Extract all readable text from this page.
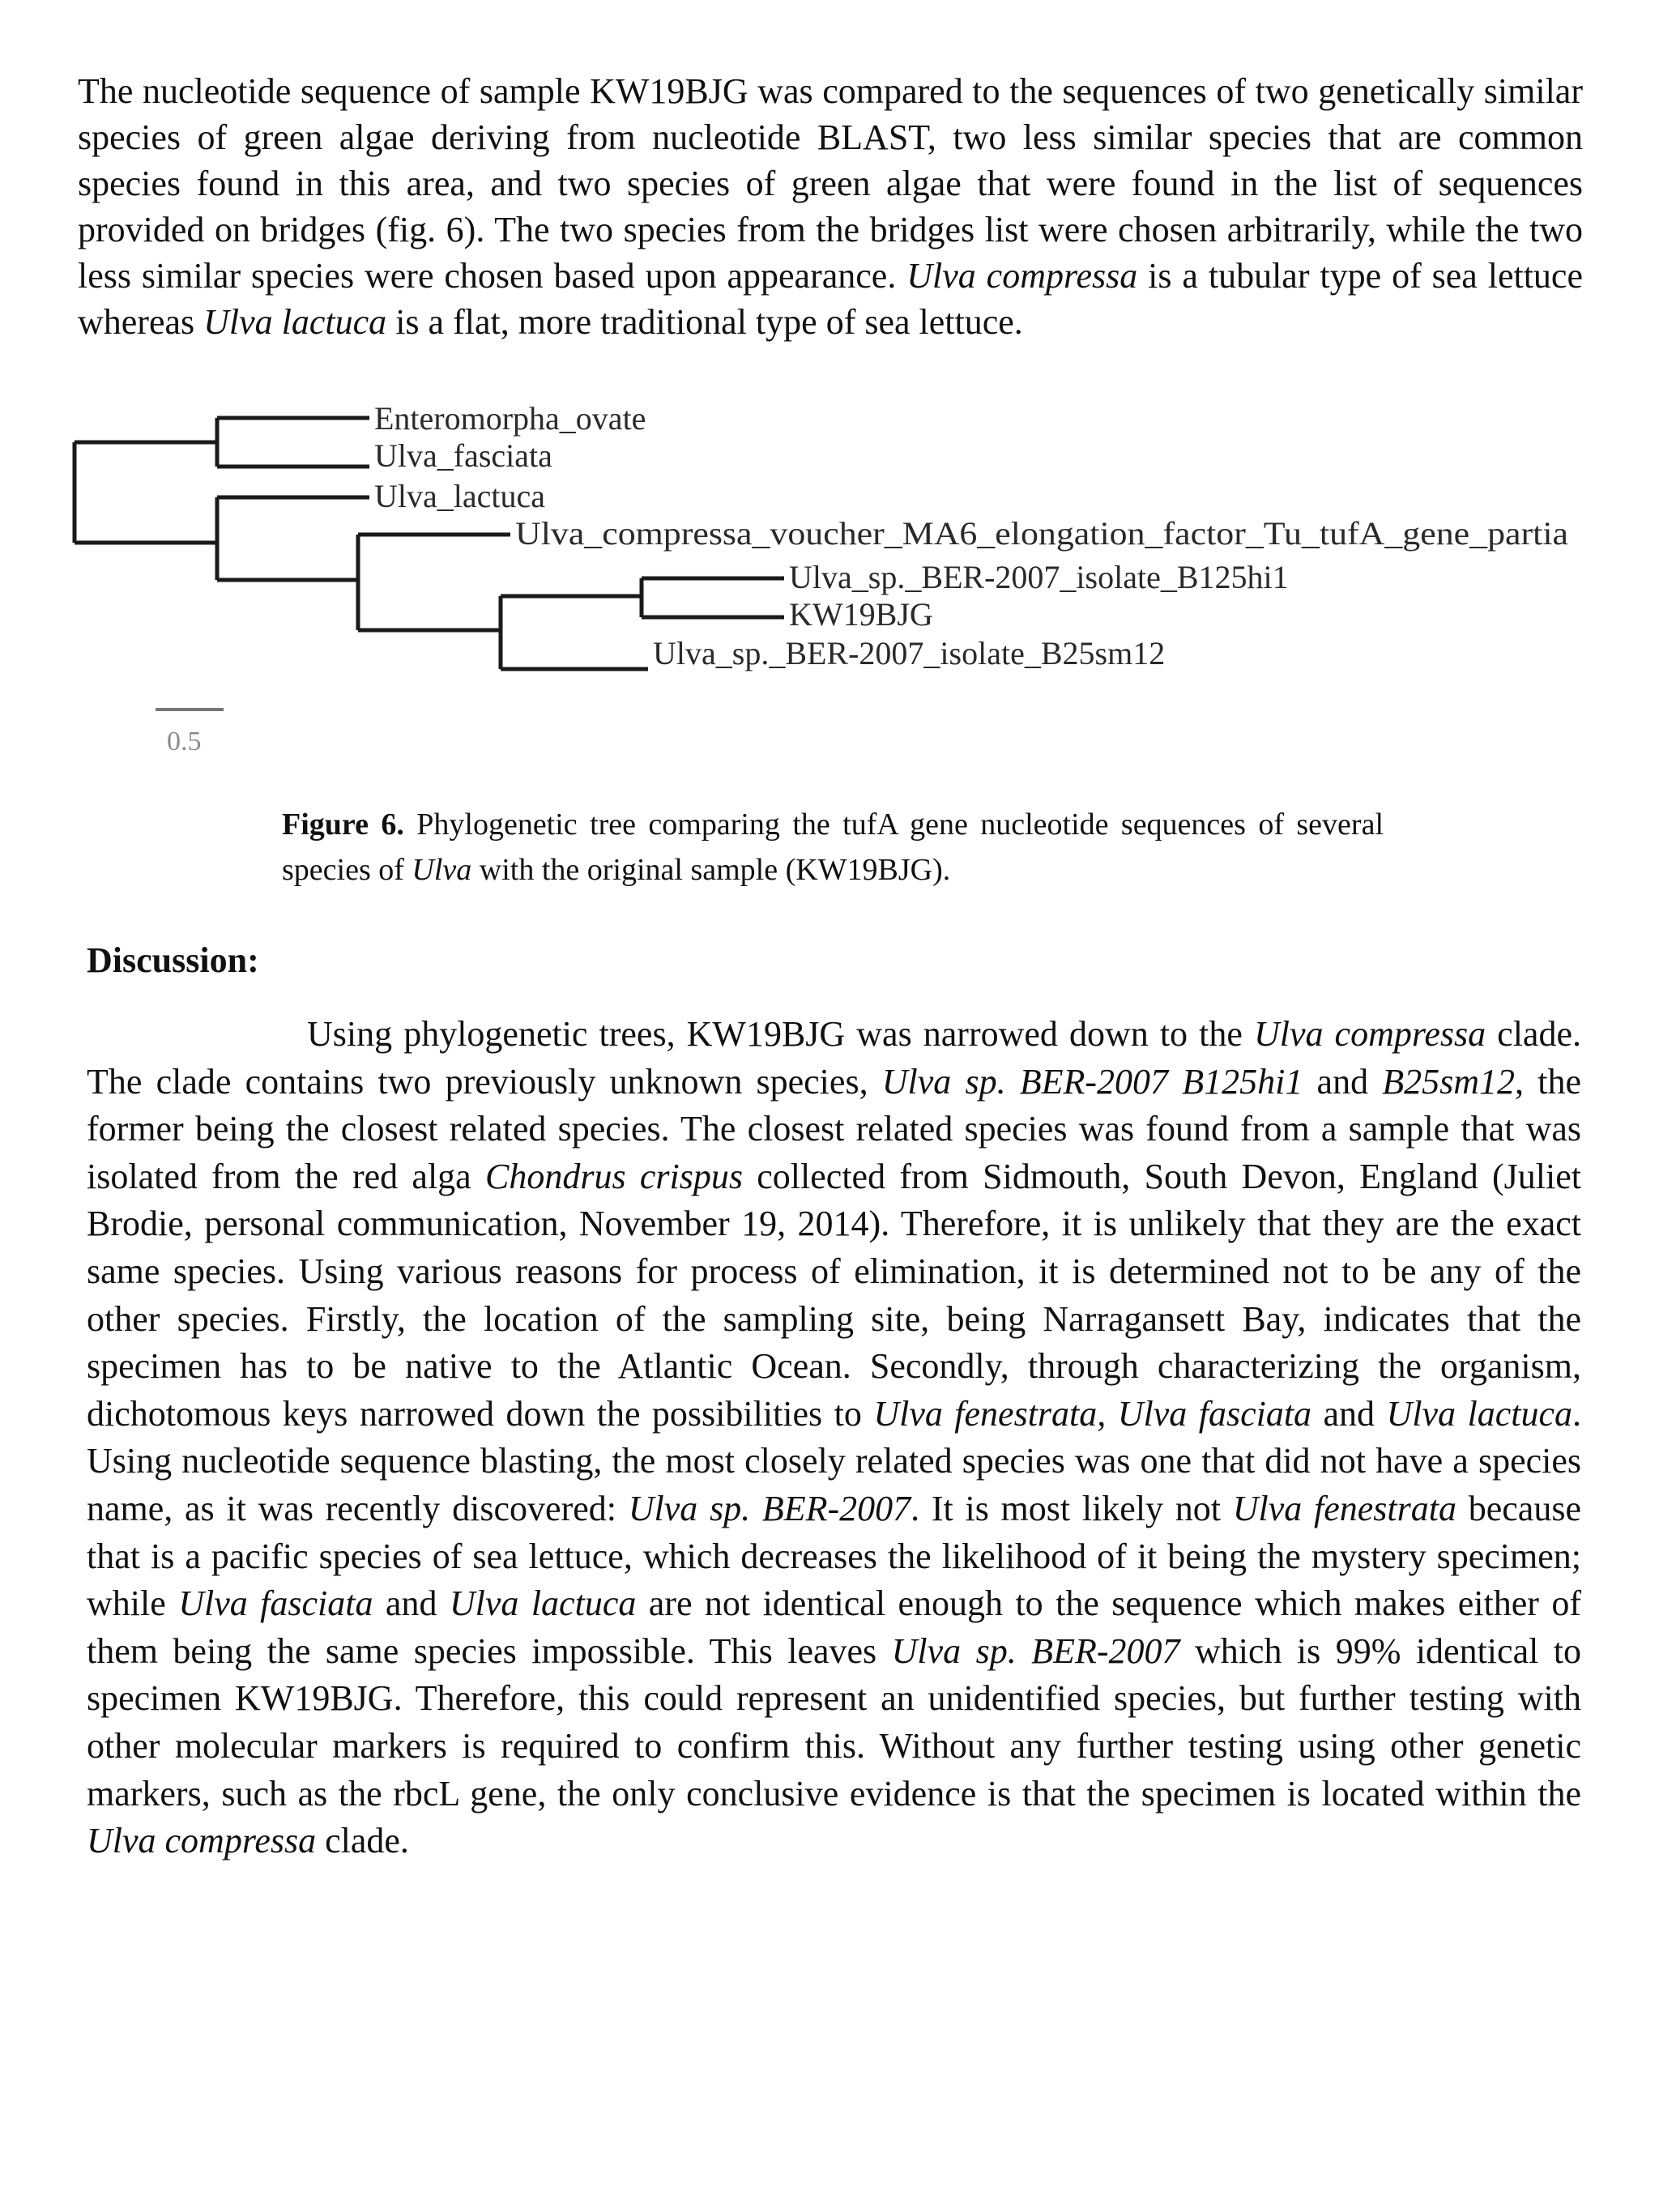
The nucleotide sequence of sample KW19BJG was compared to the sequences of two genetically similar species of green algae deriving from nucleotide BLAST, two less similar species that are common species found in this area, and two species of green algae that were found in the list of sequences provided on bridges (fig. 6). The two species from the bridges list were chosen arbitrarily, while the two less similar species were chosen based upon appearance. Ulva compressa is a tubular type of sea lettuce whereas Ulva lactuca is a flat, more traditional type of sea lettuce.

Enteromorpha_ovate
Ulva_fasciata
Ulva_lactuca
Ulva_compressa_voucher_MA6_elongation_factor_Tu_tufA_gene_partia
Ulva_sp._BER-2007_isolate_B125hi1
KW19BJG
Ulva_sp._BER-2007_isolate_B25sm12
0.5

Figure 6. Phylogenetic tree comparing the tufA gene nucleotide sequences of several species of Ulva with the original sample (KW19BJG).

Discussion:

Using phylogenetic trees, KW19BJG was narrowed down to the Ulva compressa clade. The clade contains two previously unknown species, Ulva sp. BER-2007 B125hi1 and B25sm12, the former being the closest related species. The closest related species was found from a sample that was isolated from the red alga Chondrus crispus collected from Sidmouth, South Devon, England (Juliet Brodie, personal communication, November 19, 2014). Therefore, it is unlikely that they are the exact same species. Using various reasons for process of elimination, it is determined not to be any of the other species. Firstly, the location of the sampling site, being Narragansett Bay, indicates that the specimen has to be native to the Atlantic Ocean. Secondly, through characterizing the organism, dichotomous keys narrowed down the possibilities to Ulva fenestrata, Ulva fasciata and Ulva lactuca. Using nucleotide sequence blasting, the most closely related species was one that did not have a species name, as it was recently discovered: Ulva sp. BER-2007. It is most likely not Ulva fenestrata because that is a pacific species of sea lettuce, which decreases the likelihood of it being the mystery specimen; while Ulva fasciata and Ulva lactuca are not identical enough to the sequence which makes either of them being the same species impossible. This leaves Ulva sp. BER-2007 which is 99% identical to specimen KW19BJG. Therefore, this could represent an unidentified species, but further testing with other molecular markers is required to confirm this. Without any further testing using other genetic markers, such as the rbcL gene, the only conclusive evidence is that the specimen is located within the Ulva compressa clade.
